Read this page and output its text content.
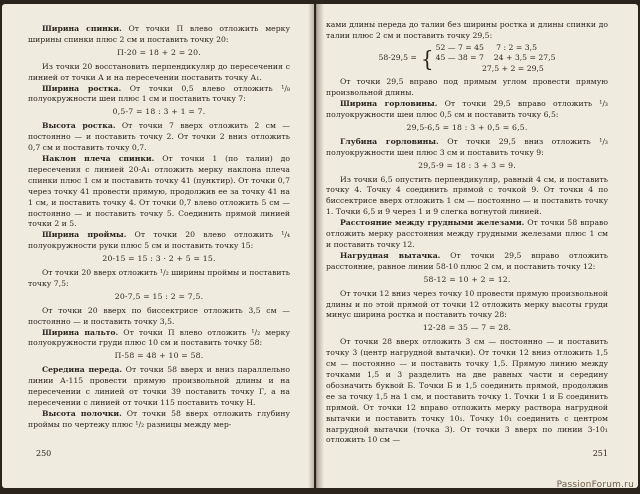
Ширина спинки. От точки П влево отложить мерку ширины спинки плюс 2 см и поставить точку 20:

П-20 = 18 + 2 = 20.

Из точки 20 восстановить перпендикуляр до пересечения с линией от точки А и на пересечении поставить точку А₁.

Ширина ростка. От точки 0,5 влево отложить ¹/₈ полуокружности шеи плюс 1 см и поставить точку 7:

0,5-7 = 18 : 3 + 1 = 7.

Высота ростка. От точки 7 вверх отложить 2 см — постоянно — и поставить точку 2. От точки 2 вниз отложить 0,7 см и поставить точку 0,7.

Наклон плеча спинки. От точки 1 (по талии) до пересечения с линией 20-А₁ отложить мерку наклона плеча спинки плюс 1 см и поставить точку 41 (пунктир). От точки 0,7 через точку 41 провести прямую, продолжив ее за точку 41 на 1 см, и поставить точку 4. От точки 0,7 влево отложить 5 см — постоянно — и поставить точку 5. Соединить прямой линией точки 2 и 5.

Ширина проймы. От точки 20 влево отложить ¹/₄ полуокружности руки плюс 5 см и поставить точку 15:

20-15 = 15 : 3 · 2 + 5 = 15.

От точки 20 вверх отложить ¹/₂ ширины проймы и поставить точку 7,5:

20-7,5 = 15 : 2 = 7,5.

От точки 20 вверх по биссектрисе отложить 3,5 см — постоянно — и поставить точку 3,5.

Ширина пальто. От точки П влево отложить ¹/₂ мерку полуокружности груди плюс 10 см и поставить точку 58:

П-58 = 48 + 10 = 58.

Середина переда. От точки 58 вверх и вниз параллельно линии А-115 провести прямую произвольной длины и на пересечении с линией от точки 39 поставить точку Г, а на пересечении с линией от точки 115 поставить точку Н.

Высота полочки. От точки 58 вверх отложить глубину проймы по чертежу плюс ¹/₂ разницы между мер-

250

ками длины переда до талии без ширины ростка и длины спинки до талии плюс 2 см и поставить точку 29,5:

58-29,5 = { 52 — 7 = 45     7 : 2 = 3,5
45 — 38 = 7    24 + 3,5 = 27,5
27,5 + 2 = 29,5

От точки 29,5 вправо под прямым углом провести прямую произвольной длины.

Ширина горловины. От точки 29,5 вправо отложить ¹/₃ полуокружности шеи плюс 0,5 см и поставить точку 6,5:

29,5-6,5 = 18 : 3 + 0,5 = 6,5.

Глубина горловины. От точки 29,5 вниз отложить ¹/₃ полуокружности шеи плюс 3 см и поставить точку 9:

29,5-9 = 18 : 3 + 3 = 9.

Из точки 6,5 опустить перпендикуляр, равный 4 см, и поставить точку 4. Точку 4 соединить прямой с точкой 9. От точки 4 по биссектрисе вверх отложить 1 см — постоянно — и поставить точку 1. Точки 6,5 и 9 через 1 и 9 слегка вогнутой линией.

Расстояние между грудными железами. От точки 58 вправо отложить мерку расстояния между грудными железами плюс 1 см и поставить точку 12.

Нагрудная вытачка. От точки 29,5 вправо отложить расстояние, равное линии 58-10 плюс 2 см, и поставить точку 12:

58-12 = 10 + 2 = 12.

От точки 12 вниз через точку 10 провести прямую произвольной длины и по этой прямой от точки 12 отложить мерку высоты груди минус ширина ростка и поставить точку 28:

12-28 = 35 — 7 = 28.

От точки 28 вверх отложить 3 см — постоянно — и поставить точку 3 (центр нагрудной вытачки). От точки 12 вниз отложить 1,5 см — постоянно — и поставить точку 1,5. Прямую линию между точками 1,5 и 3 разделить на две равных части и середину обозначить буквой Б. Точки Б и 1,5 соединить прямой, продолжив ее за точку 1,5 на 1 см, и поставить точку 1. Точки 1 и Б соединить прямой. От точки 12 вправо отложить мерку раствора нагрудной вытачки и поставить точку 10₁. Точку 10₁ соединить с центром нагрудной вытачки (точка 3). От точки 3 вверх по линии 3-10₁ отложить 10 см —

251
PassionForum.ru
